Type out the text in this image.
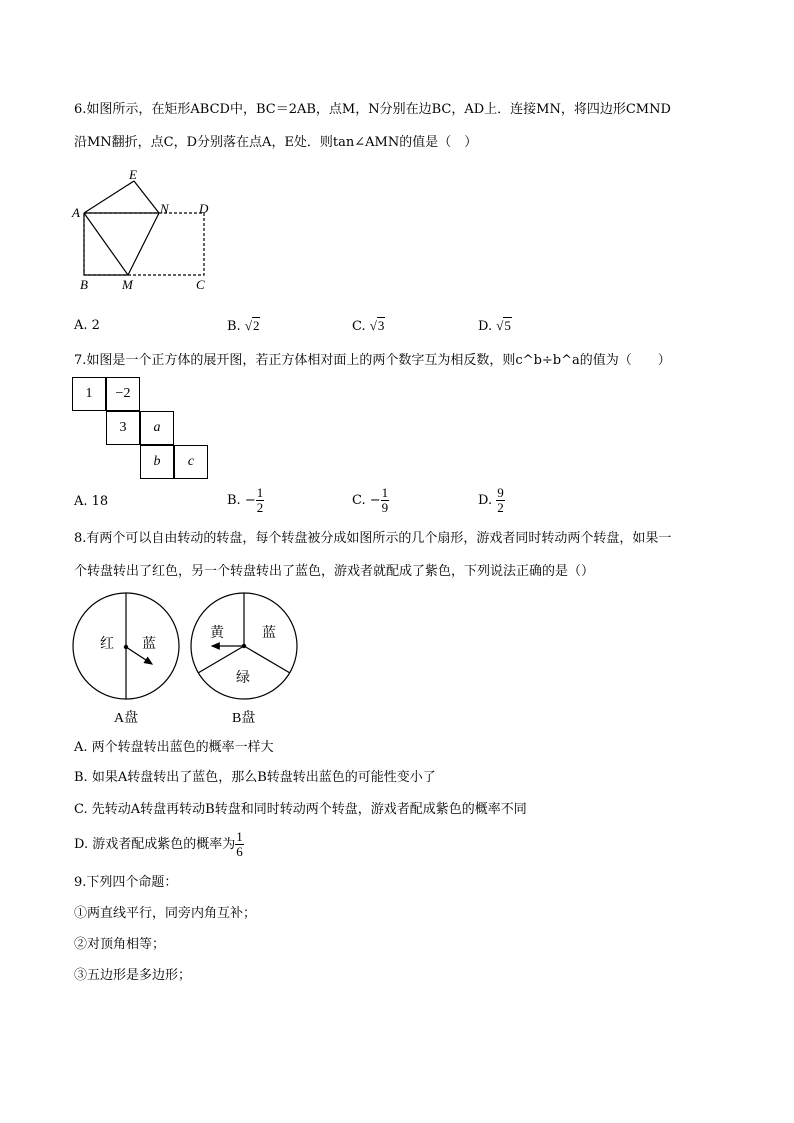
6.如图所示，在矩形ABCD中，BC＝2AB，点M，N分别在边BC，AD上．连接MN，将四边形CMND
沿MN翻折，点C，D分别落在点A，E处．则tan∠AMN的值是（　）
A
B	M	C
D
N
E
A. 2	B. √2	C. √3	D. √5
7.如图是一个正方体的展开图，若正方体相对面上的两个数字互为相反数，则c^b÷b^a的值为（　　）
1	−2
3	a
b	c
A. 18	B. − $\frac{1}{2}$	C. − $\frac{1}{9}$	D. $\frac{9}{2}$
8.有两个可以自由转动的转盘，每个转盘被分成如图所示的几个扇形，游戏者同时转动两个转盘，如果一
个转盘转出了红色，另一个转盘转出了蓝色，游戏者就配成了紫色，下列说法正确的是（）
红 蓝
A盘
黄	蓝
绿
B盘
A. 两个转盘转出蓝色的概率一样大
B. 如果A转盘转出了蓝色，那么B转盘转出蓝色的可能性变小了
C. 先转动A转盘再转动B转盘和同时转动两个转盘，游戏者配成紫色的概率不同
D. 游戏者配成紫色的概率为 $\frac{1}{6}$
9.下列四个命题：
①两直线平行，同旁内角互补；
②对顶角相等；
③五边形是多边形；
